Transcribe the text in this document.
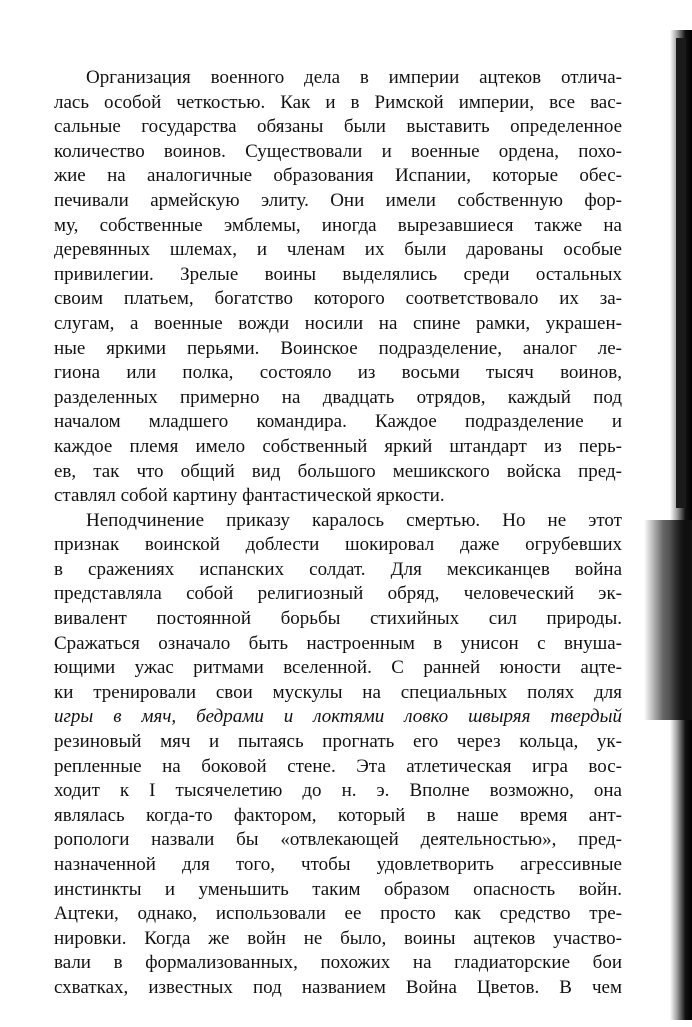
Организация военного дела в империи ацтеков отлича-
лась особой четкостью. Как и в Римской империи, все вас-
сальные государства обязаны были выставить определенное
количество воинов. Существовали и военные ордена, похо-
жие на аналогичные образования Испании, которые обес-
печивали армейскую элиту. Они имели собственную фор-
му, собственные эмблемы, иногда вырезавшиеся также на
деревянных шлемах, и членам их были дарованы особые
привилегии. Зрелые воины выделялись среди остальных
своим платьем, богатство которого соответствовало их за-
слугам, а военные вожди носили на спине рамки, украшен-
ные яркими перьями. Воинское подразделение, аналог ле-
гиона или полка, состояло из восьми тысяч воинов,
разделенных примерно на двадцать отрядов, каждый под
началом младшего командира. Каждое подразделение и
каждое племя имело собственный яркий штандарт из перь-
ев, так что общий вид большого мешикского войска пред-
ставлял собой картину фантастической яркости.
Неподчинение приказу каралось смертью. Но не этот
признак воинской доблести шокировал даже огрубевших
в сражениях испанских солдат. Для мексиканцев война
представляла собой религиозный обряд, человеческий эк-
вивалент постоянной борьбы стихийных сил природы.
Сражаться означало быть настроенным в унисон с внуша-
ющими ужас ритмами вселенной. С ранней юности ацте-
ки тренировали свои мускулы на специальных полях для
игры в мяч, бедрами и локтями ловко швыряя твердый
резиновый мяч и пытаясь прогнать его через кольца, ук-
репленные на боковой стене. Эта атлетическая игра вос-
ходит к I тысячелетию до н. э. Вполне возможно, она
являлась когда-то фактором, который в наше время ант-
ропологи назвали бы «отвлекающей деятельностью», пред-
назначенной для того, чтобы удовлетворить агрессивные
инстинкты и уменьшить таким образом опасность войн.
Ацтеки, однако, использовали ее просто как средство тре-
нировки. Когда же войн не было, воины ацтеков участво-
вали в формализованных, похожих на гладиаторские бои
схватках, известных под названием Война Цветов. В чем
